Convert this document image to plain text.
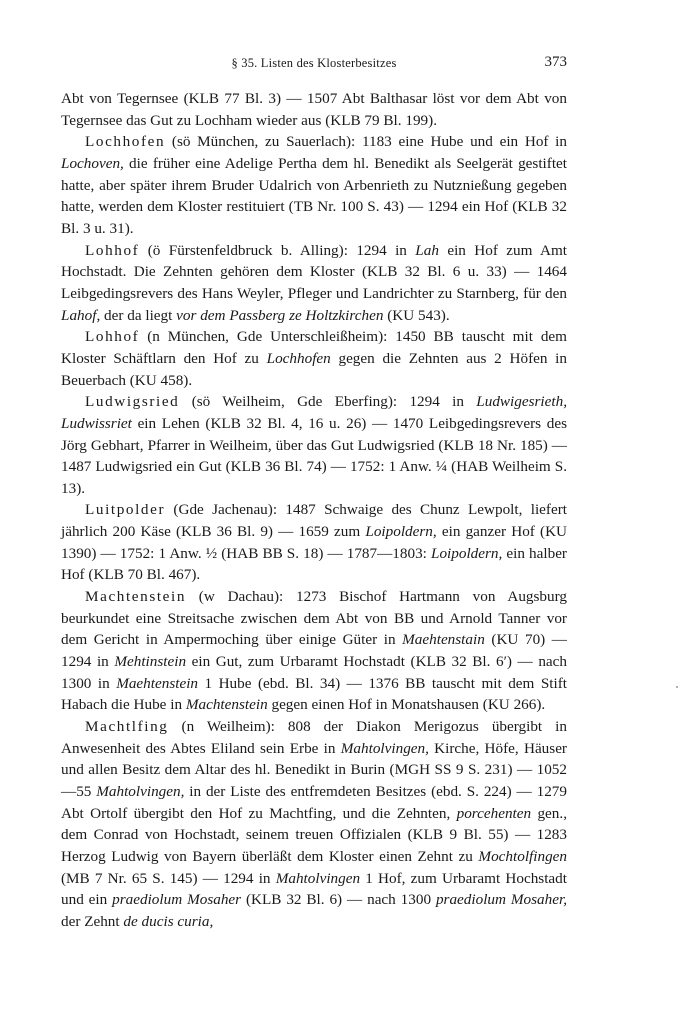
§ 35. Listen des Klosterbesitzes	373

Abt von Tegernsee (KLB 77 Bl. 3) — 1507 Abt Balthasar löst vor dem Abt von Tegernsee das Gut zu Lochham wieder aus (KLB 79 Bl. 199).

Lochhofen (sö München, zu Sauerlach): 1183 eine Hube und ein Hof in Lochoven, die früher eine Adelige Pertha dem hl. Benedikt als Seelgerät gestiftet hatte, aber später ihrem Bruder Udalrich von Arbenrieth zu Nutznießung gegeben hatte, werden dem Kloster restituiert (TB Nr. 100 S. 43) — 1294 ein Hof (KLB 32 Bl. 3 u. 31).

Lohhof (ö Fürstenfeldbruck b. Alling): 1294 in Lah ein Hof zum Amt Hochstadt. Die Zehnten gehören dem Kloster (KLB 32 Bl. 6 u. 33) — 1464 Leibgedingsrevers des Hans Weyler, Pfleger und Landrichter zu Starnberg, für den Lahof, der da liegt vor dem Passberg ze Holtzkirchen (KU 543).

Lohhof (n München, Gde Unterschleißheim): 1450 BB tauscht mit dem Kloster Schäftlarn den Hof zu Lochhofen gegen die Zehnten aus 2 Höfen in Beuerbach (KU 458).

Ludwigsried (sö Weilheim, Gde Eberfing): 1294 in Ludwigesrieth, Ludwissriet ein Lehen (KLB 32 Bl. 4, 16 u. 26) — 1470 Leibgedingsrevers des Jörg Gebhart, Pfarrer in Weilheim, über das Gut Ludwigsried (KLB 18 Nr. 185) — 1487 Ludwigsried ein Gut (KLB 36 Bl. 74) — 1752: 1 Anw. ¼ (HAB Weilheim S. 13).

Luitpolder (Gde Jachenau): 1487 Schwaige des Chunz Lewpolt, liefert jährlich 200 Käse (KLB 36 Bl. 9) — 1659 zum Loipoldern, ein ganzer Hof (KU 1390) — 1752: 1 Anw. ½ (HAB BB S. 18) — 1787—1803: Loipoldern, ein halber Hof (KLB 70 Bl. 467).

Machtenstein (w Dachau): 1273 Bischof Hartmann von Augsburg beurkundet eine Streitsache zwischen dem Abt von BB und Arnold Tanner vor dem Gericht in Ampermoching über einige Güter in Maehtenstain (KU 70) — 1294 in Mehtinstein ein Gut, zum Urbaramt Hochstadt (KLB 32 Bl. 6′) — nach 1300 in Maehtenstein 1 Hube (ebd. Bl. 34) — 1376 BB tauscht mit dem Stift Habach die Hube in Machtenstein gegen einen Hof in Monatshausen (KU 266).

Machtlfing (n Weilheim): 808 der Diakon Merigozus übergibt in Anwesenheit des Abtes Eliland sein Erbe in Mahtolvingen, Kirche, Höfe, Häuser und allen Besitz dem Altar des hl. Benedikt in Burin (MGH SS 9 S. 231) — 1052—55 Mahtolvingen, in der Liste des entfremdeten Besitzes (ebd. S. 224) — 1279 Abt Ortolf übergibt den Hof zu Machtfing, und die Zehnten, porcehenten gen., dem Conrad von Hochstadt, seinem treuen Offizialen (KLB 9 Bl. 55) — 1283 Herzog Ludwig von Bayern überläßt dem Kloster einen Zehnt zu Mochtolfingen (MB 7 Nr. 65 S. 145) — 1294 in Mahtolvingen 1 Hof, zum Urbaramt Hochstadt und ein praediolum Mosaher (KLB 32 Bl. 6) — nach 1300 praediolum Mosaher, der Zehnt de ducis curia,
